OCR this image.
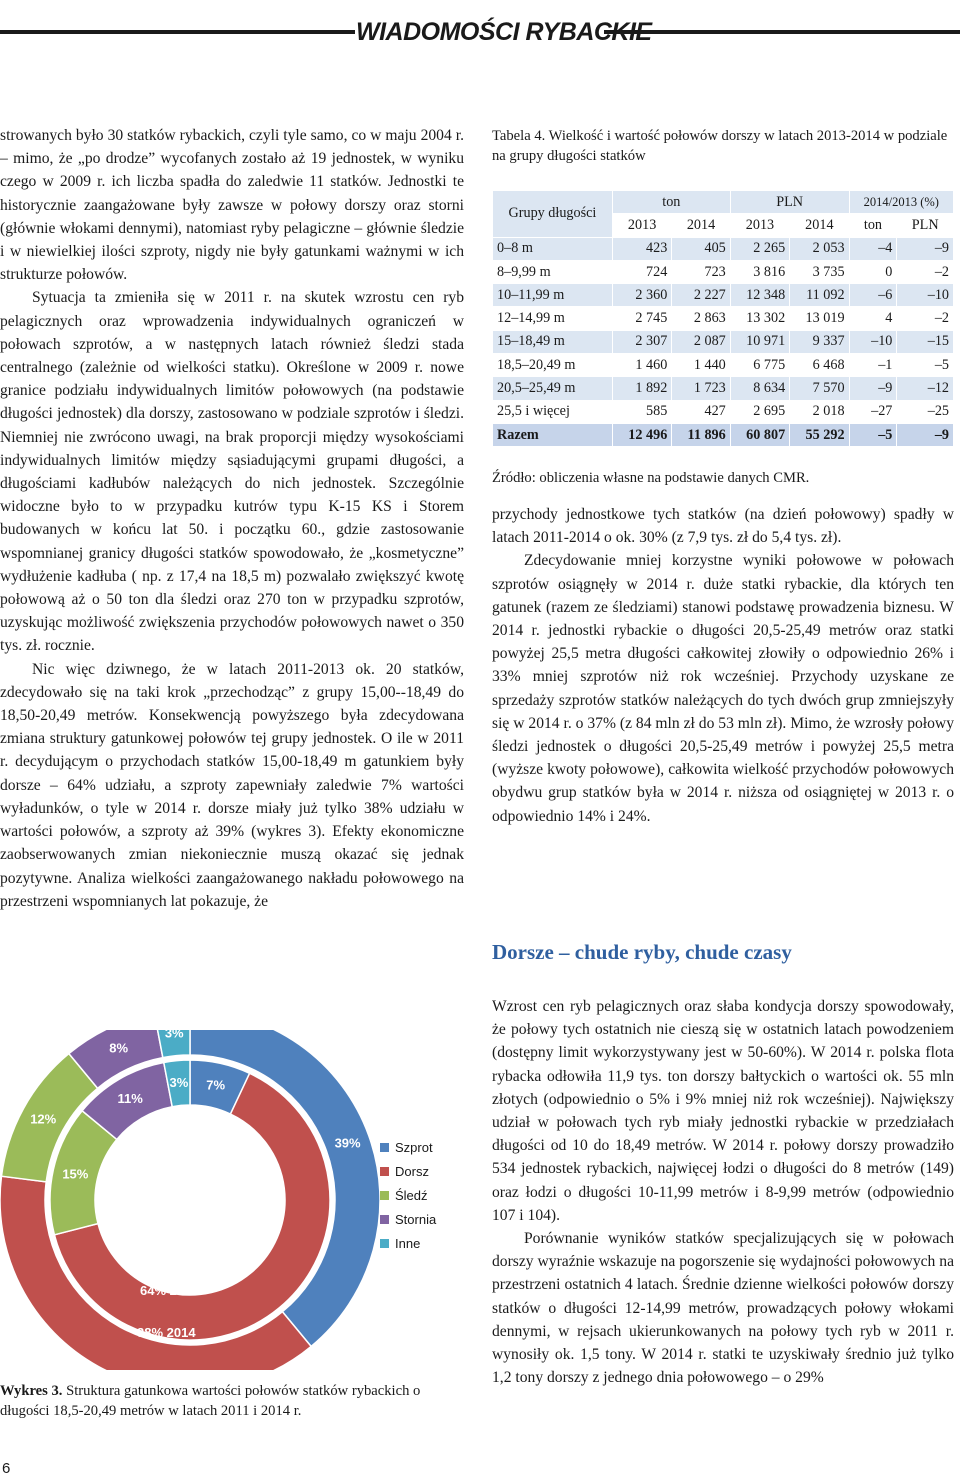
WIADOMOŚCI RYBACKIE

strowanych było 30 statków rybackich, czyli tyle samo, co w maju 2004 r. – mimo, że „po drodze” wycofanych zostało aż 19 jednostek, w wyniku czego w 2009 r. ich liczba spadła do zaledwie 11 statków. Jednostki te historycznie zaangażowane były zawsze w połowy dorszy oraz storni (głównie włokami dennymi), natomiast ryby pelagiczne – głównie śledzie i w niewielkiej ilości szproty, nigdy nie były gatunkami ważnymi w ich strukturze połowów.

Sytuacja ta zmieniła się w 2011 r. na skutek wzrostu cen ryb pelagicznych oraz wprowadzenia indywidualnych ograniczeń w połowach szprotów, a w następnych latach również śledzi stada centralnego (zależnie od wielkości statku). Określone w 2009 r. nowe granice podziału indywidualnych limitów połowowych (na podstawie długości jednostek) dla dorszy, zastosowano w podziale szprotów i śledzi. Niemniej nie zwrócono uwagi, na brak proporcji między wysokościami indywidualnych limitów między sąsiadującymi grupami długości, a długościami kadłubów należących do nich jednostek. Szczególnie widoczne było to w przypadku kutrów typu K-15 KS i Storem budowanych w końcu lat 50. i początku 60., gdzie zastosowanie wspomnianej granicy długości statków spowodowało, że „kosmetyczne” wydłużenie kadłuba ( np. z 17,4 na 18,5 m) pozwalało zwiększyć kwotę połowową aż o 50 ton dla śledzi oraz 270 ton w przypadku szprotów, uzyskując możliwość zwiększenia przychodów połowowych nawet o 350 tys. zł. rocznie.

Nic więc dziwnego, że w latach 2011-2013 ok. 20 statków, zdecydowało się na taki krok „przechodząc” z grupy 15,00--18,49 do 18,50-20,49 metrów. Konsekwencją powyższego była zdecydowana zmiana struktury gatunkowej połowów tej grupy jednostek. O ile w 2011 r. decydującym o przychodach statków 15,00-18,49 m gatunkiem były dorsze – 64% udziału, a szproty zapewniały zaledwie 7% wartości wyładunków, o tyle w 2014 r. dorsze miały już tylko 38% udziału w wartości połowów, a szproty aż 39% (wykres 3). Efekty ekonomiczne zaobserwowanych zmian niekoniecznie muszą okazać się jednak pozytywne. Analiza wielkości zaangażowanego nakładu połowowego na przestrzeni wspomnianych lat pokazuje, że

7%
15%
11%
3%
39%
12%
8%
3%
64% 2011
38% 2014
Szprot
Dorsz
Śledź
Stornia
Inne
Wykres 3. Struktura gatunkowa wartości połowów statków rybackich o długości 18,5-20,49 metrów w latach 2011 i 2014 r.
Tabela 4. Wielkość i wartość połowów dorszy w latach 2013-2014 w podziale na grupy długości statków
Grupy długości	ton		PLN		2014/2013 (%)	
	2013	2014	2013	2014	ton	PLN
0–8 m	423	405	2 265	2 053	–4	–9
8–9,99 m	724	723	3 816	3 735	0	–2
10–11,99 m	2 360	2 227	12 348	11 092	–6	–10
12–14,99 m	2 745	2 863	13 302	13 019	4	–2
15–18,49 m	2 307	2 087	10 971	9 337	–10	–15
18,5–20,49 m	1 460	1 440	6 775	6 468	–1	–5
20,5–25,49 m	1 892	1 723	8 634	7 570	–9	–12
25,5 i więcej	585	427	2 695	2 018	–27	–25
Razem	12 496	11 896	60 807	55 292	–5	–9
Źródło: obliczenia własne na podstawie danych CMR.

przychody jednostkowe tych statków (na dzień połowowy) spadły w latach 2011-2014 o ok. 30% (z 7,9 tys. zł do 5,4 tys. zł).

Zdecydowanie mniej korzystne wyniki połowowe w połowach szprotów osiągnęły w 2014 r. duże statki rybackie, dla których ten gatunek (razem ze śledziami) stanowi podstawę prowadzenia biznesu. W 2014 r. jednostki rybackie o długości 20,5-25,49 metrów oraz statki powyżej 25,5 metra długości całkowitej złowiły o odpowiednio 26% i 33% mniej szprotów niż rok wcześniej. Przychody uzyskane ze sprzedaży szprotów statków należących do tych dwóch grup zmniejszyły się w 2014 r. o 37% (z 84 mln zł do 53 mln zł). Mimo, że wzrosły połowy śledzi jednostek o długości 20,5-25,49 metrów i powyżej 25,5 metra (wyższe kwoty połowowe), całkowita wielkość przychodów połowowych obydwu grup statków była w 2014 r. niższa od osiągniętej w 2013 r. o odpowiednio 14% i 24%.

Dorsze – chude ryby, chude czasy

Wzrost cen ryb pelagicznych oraz słaba kondycja dorszy spowodowały, że połowy tych ostatnich nie cieszą się w ostatnich latach powodzeniem (dostępny limit wykorzystywany jest w 50-60%). W 2014 r. polska flota rybacka odłowiła 11,9 tys. ton dorszy bałtyckich o wartości ok. 55 mln złotych (odpowiednio o 5% i 9% mniej niż rok wcześniej). Największy udział w połowach tych ryb miały jednostki rybackie w przedziałach długości od 10 do 18,49 metrów. W 2014 r. połowy dorszy prowadziło 534 jednostek rybackich, najwięcej łodzi o długości do 8 metrów (149) oraz łodzi o długości 10-11,99 metrów i 8-9,99 metrów (odpowiednio 107 i 104).

Porównanie wyników statków specjalizujących się w połowach dorszy wyraźnie wskazuje na pogorszenie się wydajności połowowych na przestrzeni ostatnich 4 latach. Średnie dzienne wielkości połowów dorszy statków o długości 12-14,99 metrów, prowadzących połowy włokami dennymi, w rejsach ukierunkowanych na połowy tych ryb w 2011 r. wynosiły ok. 1,5 tony. W 2014 r. statki te uzyskiwały średnio już tylko 1,2 tony dorszy z jednego dnia połowowego – o 29%

6
